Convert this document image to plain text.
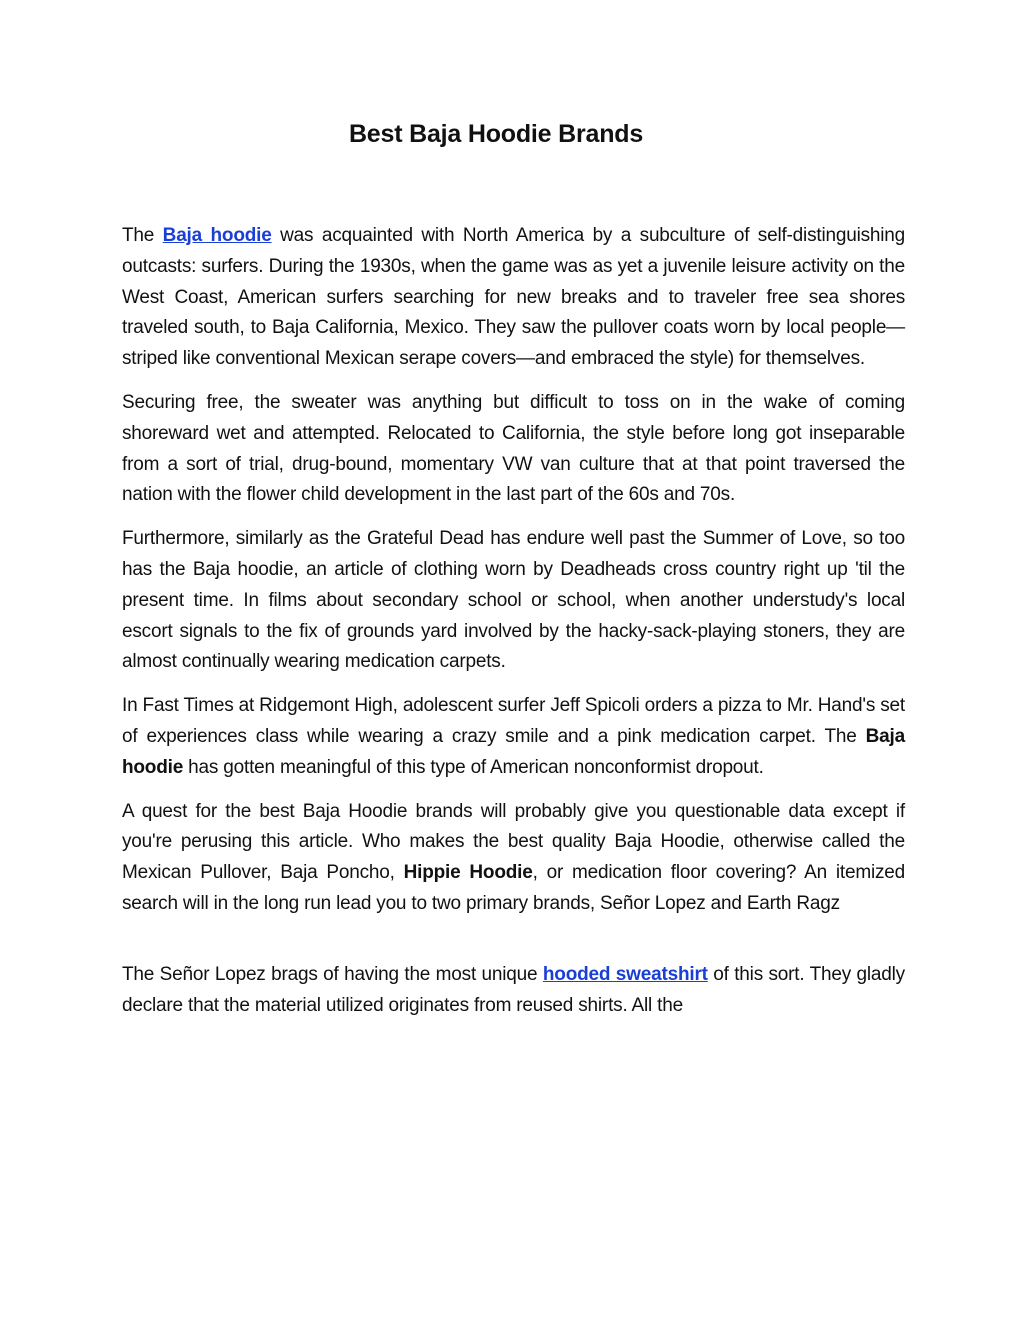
Best Baja Hoodie Brands

The Baja hoodie was acquainted with North America by a subculture of self-distinguishing outcasts: surfers. During the 1930s, when the game was as yet a juvenile leisure activity on the West Coast, American surfers searching for new breaks and to traveler free sea shores traveled south, to Baja California, Mexico. They saw the pullover coats worn by local people—striped like conventional Mexican serape covers—and embraced the style) for themselves.

Securing free, the sweater was anything but difficult to toss on in the wake of coming shoreward wet and attempted. Relocated to California, the style before long got inseparable from a sort of trial, drug-bound, momentary VW van culture that at that point traversed the nation with the flower child development in the last part of the 60s and 70s.

Furthermore, similarly as the Grateful Dead has endure well past the Summer of Love, so too has the Baja hoodie, an article of clothing worn by Deadheads cross country right up 'til the present time. In films about secondary school or school, when another understudy's local escort signals to the fix of grounds yard involved by the hacky-sack-playing stoners, they are almost continually wearing medication carpets.

In Fast Times at Ridgemont High, adolescent surfer Jeff Spicoli orders a pizza to Mr. Hand's set of experiences class while wearing a crazy smile and a pink medication carpet. The Baja hoodie has gotten meaningful of this type of American nonconformist dropout.

A quest for the best Baja Hoodie brands will probably give you questionable data except if you're perusing this article. Who makes the best quality Baja Hoodie, otherwise called the Mexican Pullover, Baja Poncho, Hippie Hoodie, or medication floor covering? An itemized search will in the long run lead you to two primary brands, Señor Lopez and Earth Ragz

The Señor Lopez brags of having the most unique hooded sweatshirt of this sort. They gladly declare that the material utilized originates from reused shirts. All the
